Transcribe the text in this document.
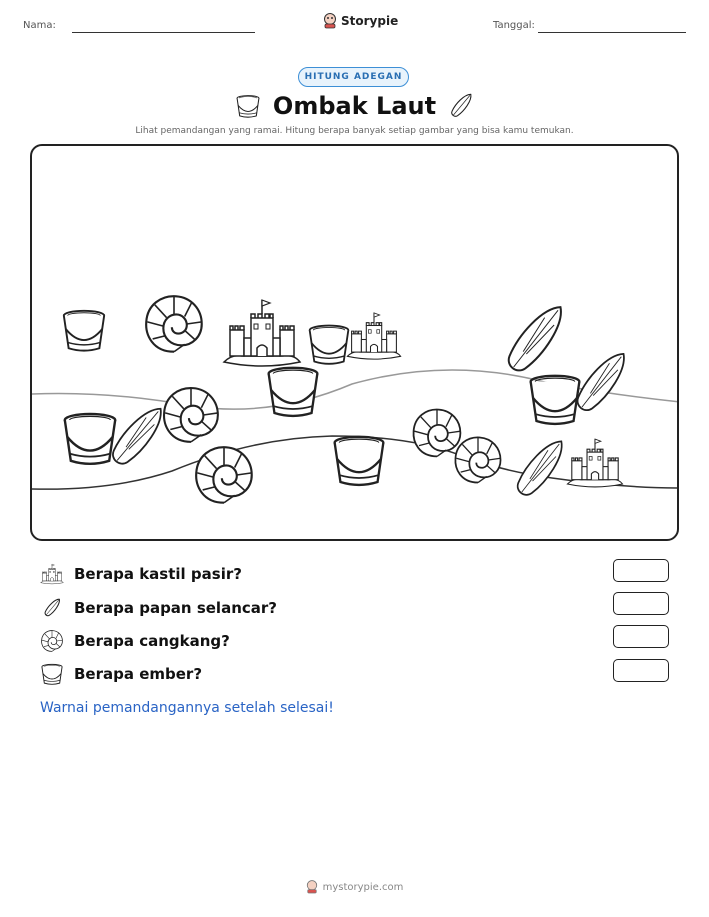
Nama:	Storypie	Tanggal:
HITUNG ADEGAN
Ombak Laut
Lihat pemandangan yang ramai. Hitung berapa banyak setiap gambar yang bisa kamu temukan.
Berapa kastil pasir?
Berapa papan selancar?
Berapa cangkang?
Berapa ember?
Warnai pemandangannya setelah selesai!
mystorypie.com
